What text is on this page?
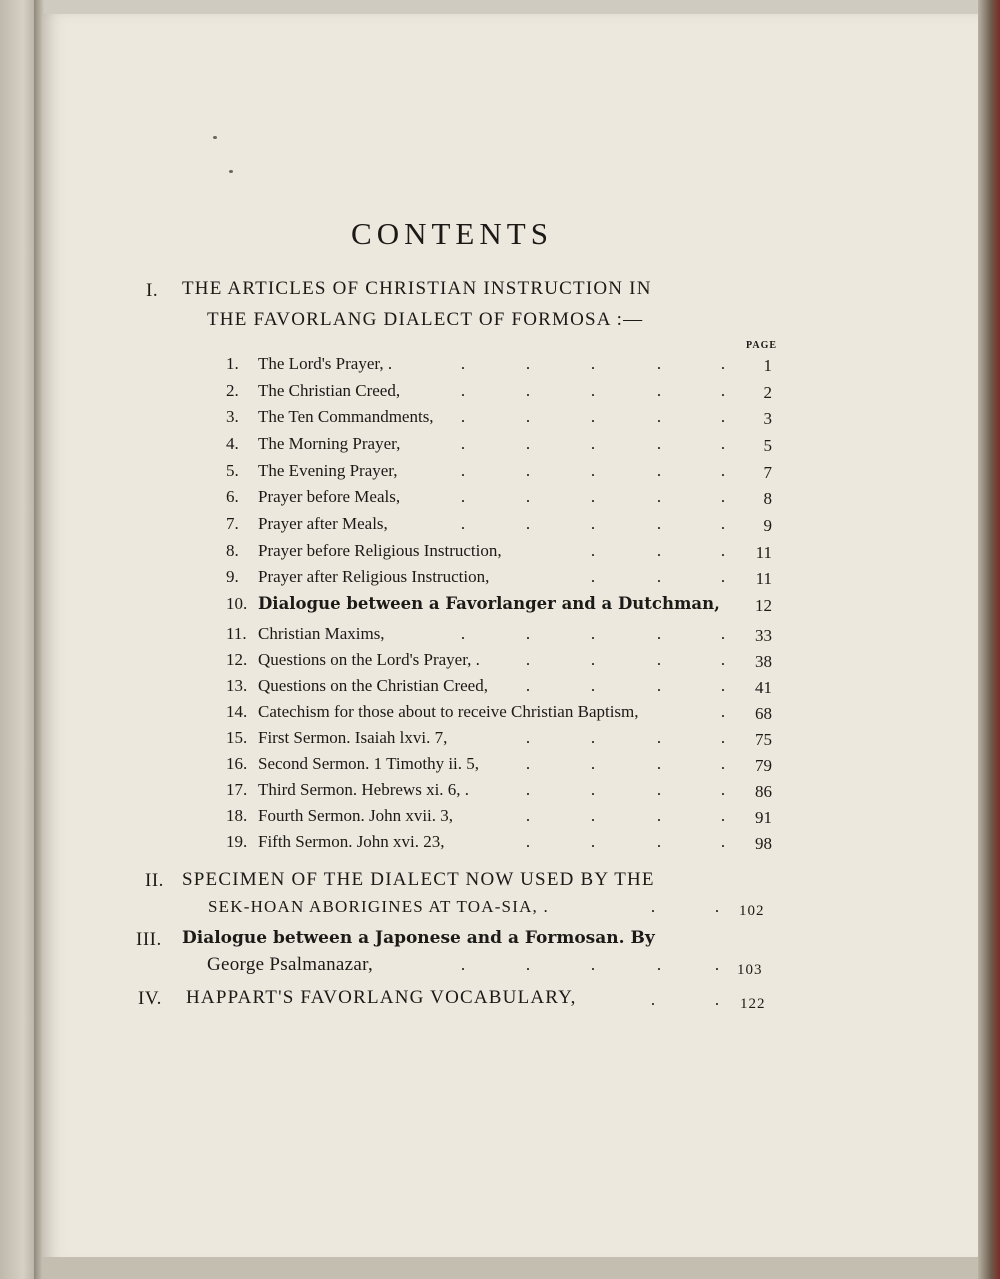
CONTENTS
I. THE ARTICLES OF CHRISTIAN INSTRUCTION IN
THE FAVORLANG DIALECT OF FORMOSA :—
PAGE
1.	The Lord's Prayer, .	.	.	.	.	.	1
2.	The Christian Creed,	.	.	.	.	.	2
3.	The Ten Commandments, .	.	.	.	.	3
4.	The Morning Prayer,	.	.	.	.	.	5
5.	The Evening Prayer,	.	.	.	.	.	7
6.	Prayer before Meals,	.	.	.	.	.	8
7.	Prayer after Meals,	.	.	.	.	.	9
8.	Prayer before Religious Instruction,	.	.	.	11
9.	Prayer after Religious Instruction,	.	.	.	11
10. Dialogue between a Favorlanger and a Dutchman,	12
11. Christian Maxims,	.	.	.	.	.	33
12. Questions on the Lord's Prayer, .	.	.	.	.	38
13. Questions on the Christian Creed, .	.	.	.	41
14. Catechism for those about to receive Christian Baptism,	.	68
15. First Sermon. Isaiah lxvi. 7,	.	.	.	.	75
16. Second Sermon. 1 Timothy ii. 5,	.	.	.	.	79
17. Third Sermon. Hebrews xi. 6, .	.	.	.	.	86
18. Fourth Sermon. John xvii. 3,	.	.	.	.	91
19. Fifth Sermon. John xvi. 23,	.	.	.	.	98
II. SPECIMEN OF THE DIALECT NOW USED BY THE
SEK-HOAN ABORIGINES AT TOA-SIA, .	.	. 102
III. Dialogue between a Japonese and a Formosan. By
George Psalmanazar,	.	.	.	.	. 103
IV. HAPPART'S FAVORLANG VOCABULARY,	.	. 122
